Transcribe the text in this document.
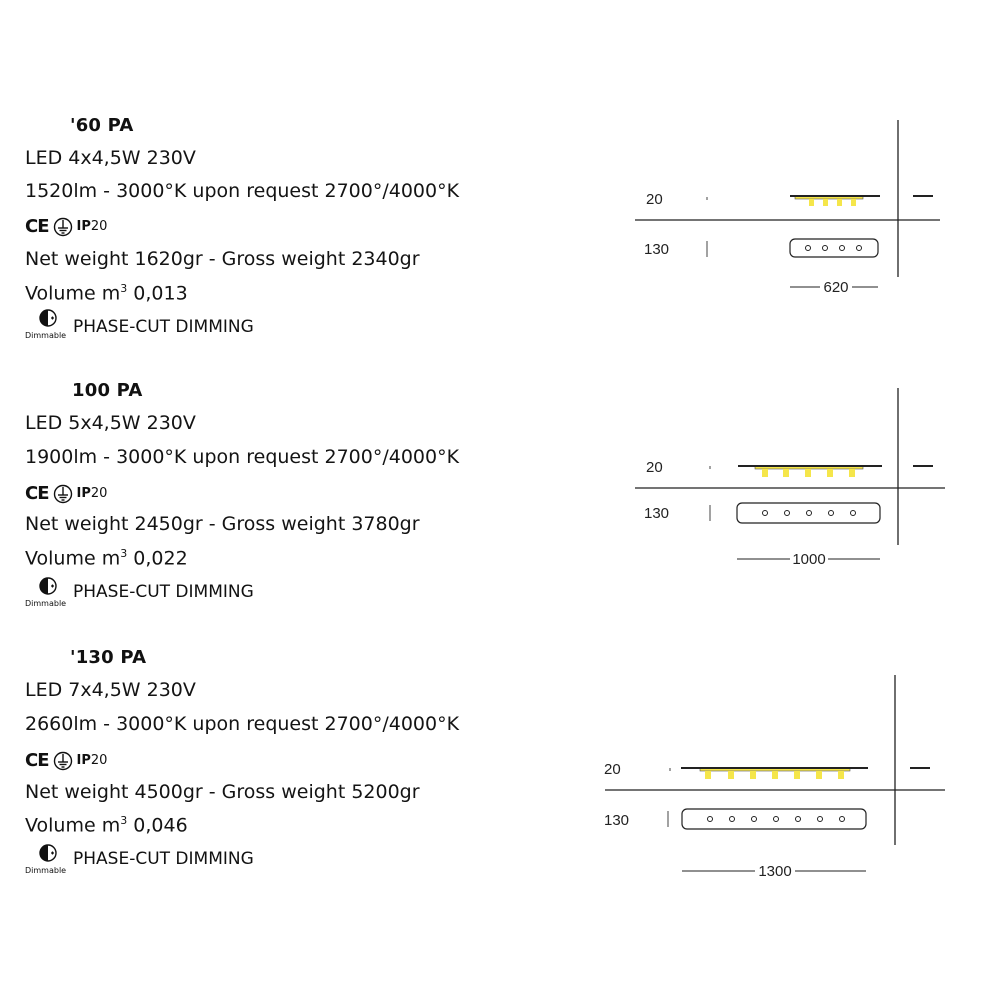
'60 PA
LED 4x4,5W 230V
1520lm - 3000°K upon request 2700°/4000°K
CE IP20
Net weight 1620gr - Gross weight 2340gr
Volume $m^3$ 0,013
Dimmable PHASE-CUT DIMMING
20
130
620
100 PA
LED 5x4,5W 230V
1900lm - 3000°K upon request 2700°/4000°K
CE IP20
Net weight 2450gr - Gross weight 3780gr
Volume $m^3$ 0,022
Dimmable
PHASE-CUT DIMMING
20
130
1000
'130 PA
LED 7x4,5W 230V
2660lm - 3000°K upon request 2700°/4000°K
CE IP20
Net weight 4500gr - Gross weight 5200gr
Volume $m^3$ 0,046
Dimmable
PHASE-CUT DIMMING
20
130
1300
